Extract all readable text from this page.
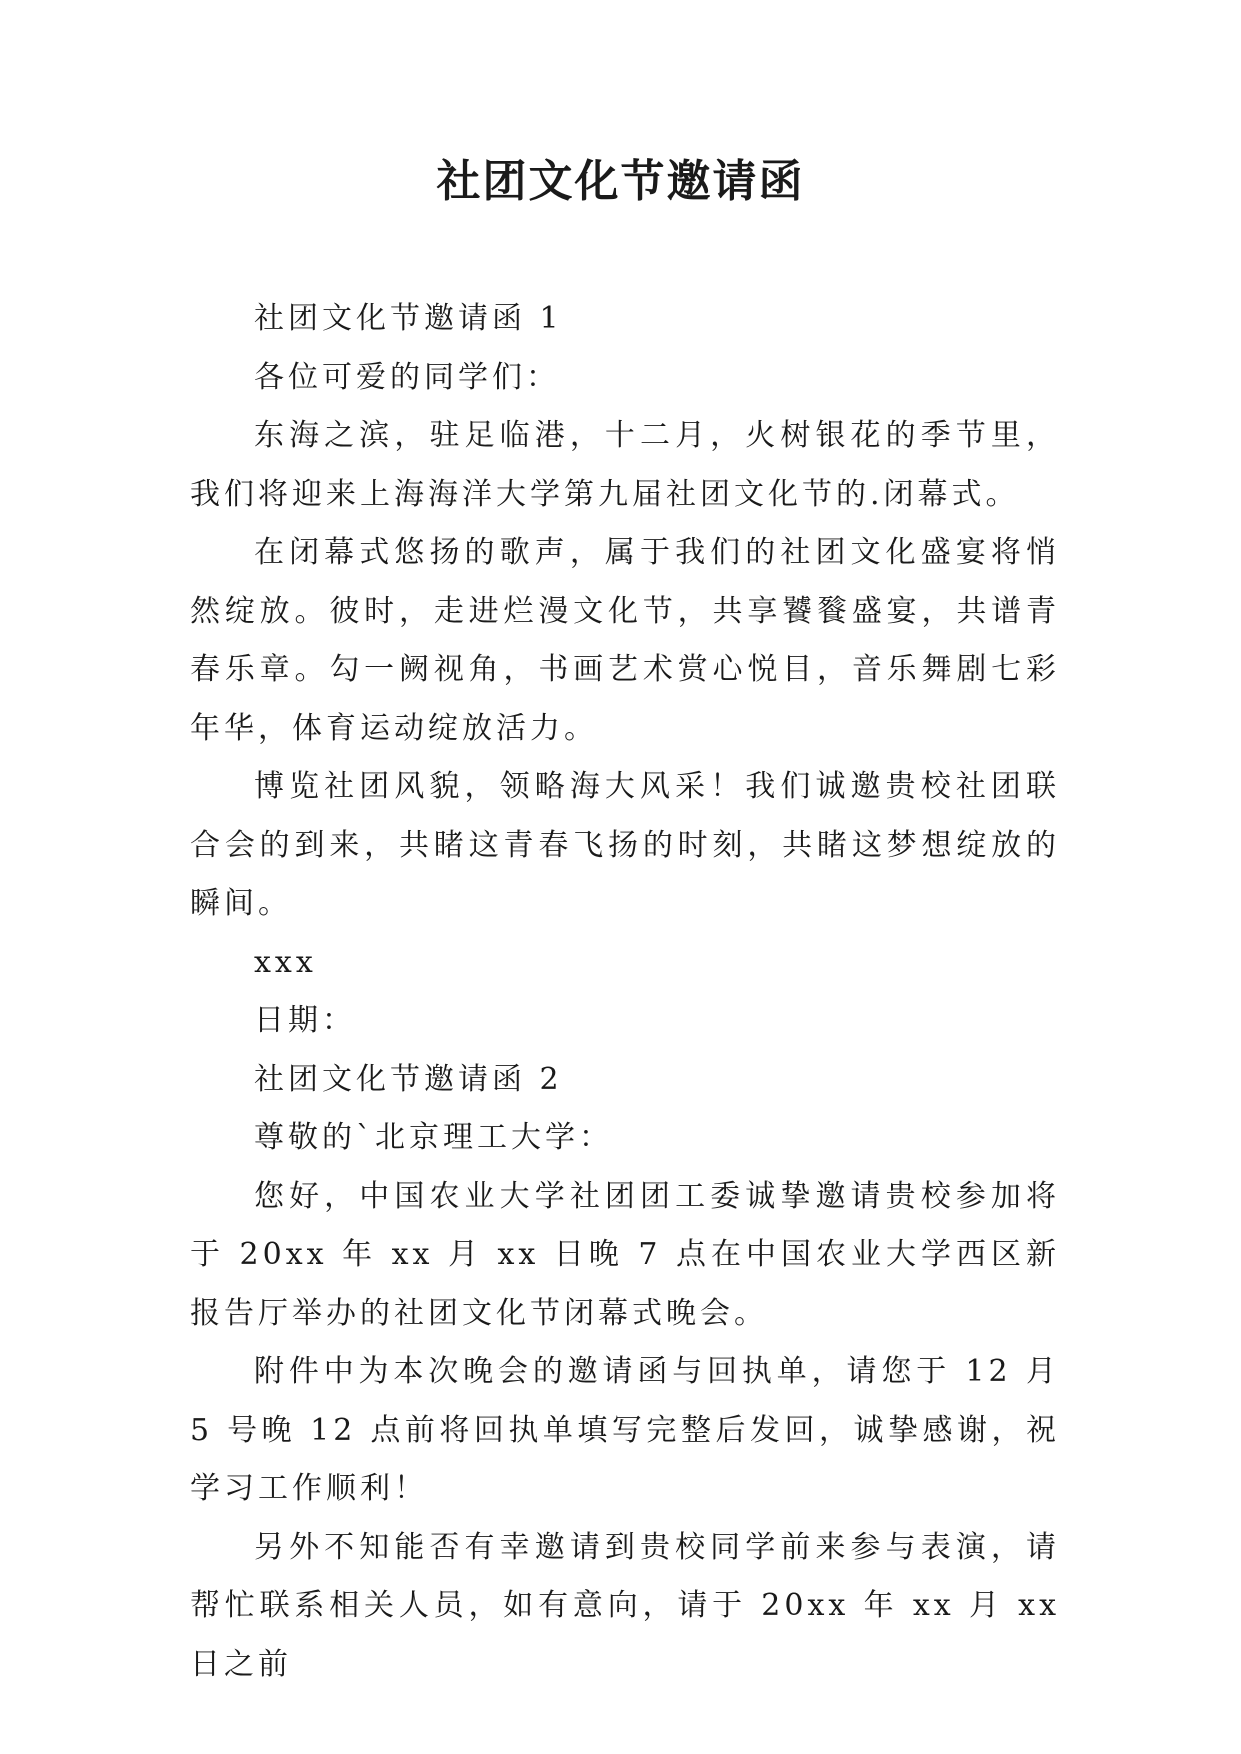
社团文化节邀请函

社团文化节邀请函 1

各位可爱的同学们：

东海之滨，驻足临港，十二月，火树银花的季节里，我们将迎来上海海洋大学第九届社团文化节的.闭幕式。

在闭幕式悠扬的歌声，属于我们的社团文化盛宴将悄然绽放。彼时，走进烂漫文化节，共享饕餮盛宴，共谱青春乐章。勾一阙视角，书画艺术赏心悦目，音乐舞剧七彩年华，体育运动绽放活力。

博览社团风貌，领略海大风采！我们诚邀贵校社团联合会的到来，共睹这青春飞扬的时刻，共睹这梦想绽放的瞬间。

xxx

日期：

社团文化节邀请函 2

尊敬的`北京理工大学：

您好，中国农业大学社团团工委诚挚邀请贵校参加将于 20xx 年 xx 月 xx 日晚 7 点在中国农业大学西区新报告厅举办的社团文化节闭幕式晚会。

附件中为本次晚会的邀请函与回执单，请您于 12 月 5 号晚 12 点前将回执单填写完整后发回，诚挚感谢，祝学习工作顺利！

另外不知能否有幸邀请到贵校同学前来参与表演，请帮忙联系相关人员，如有意向，请于 20xx 年 xx 月 xx 日之前
